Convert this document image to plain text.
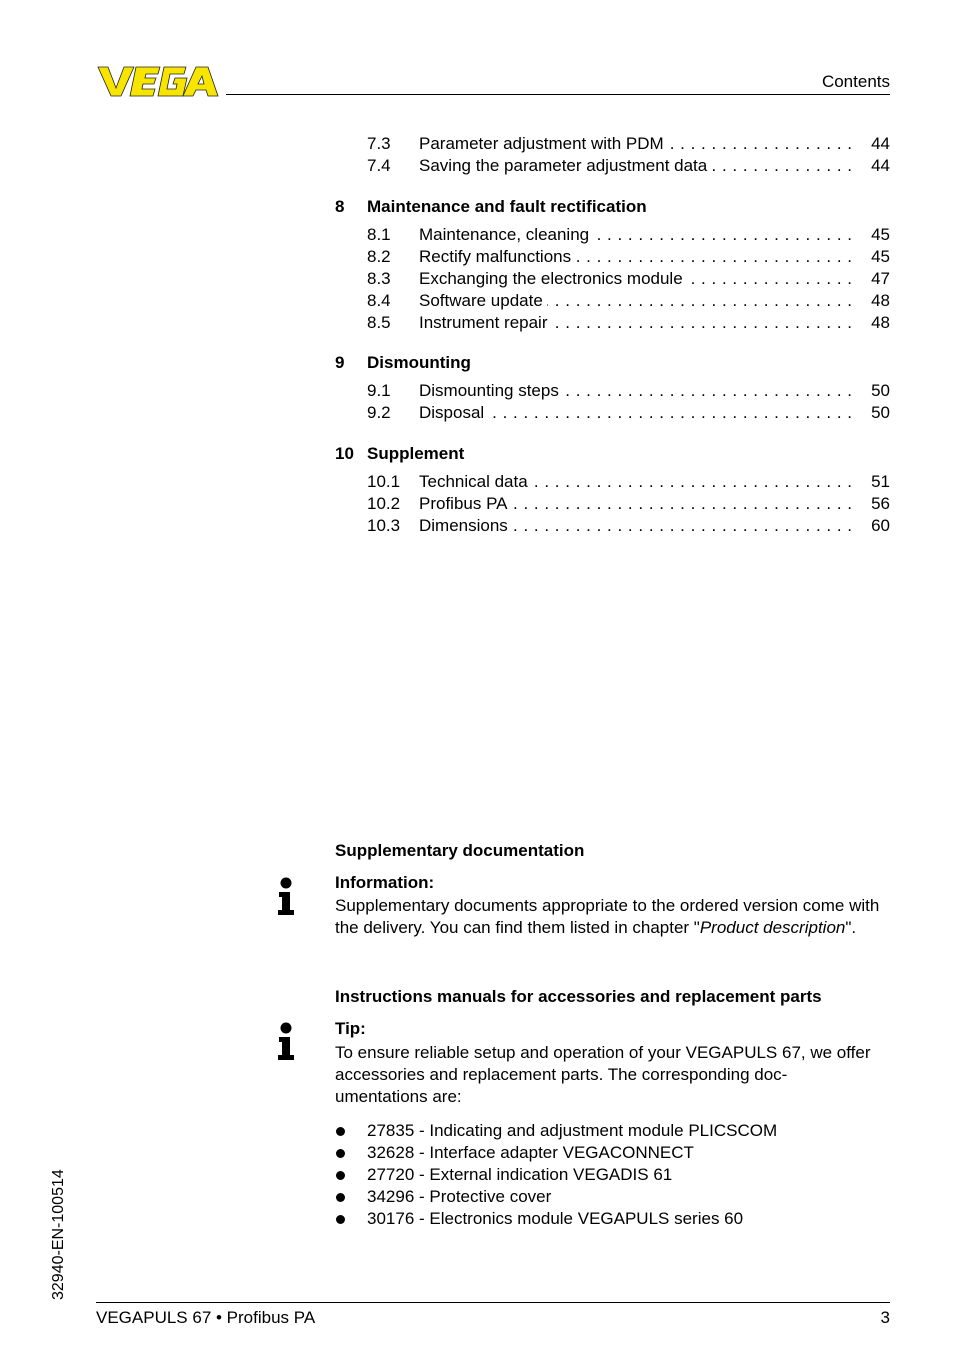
Contents
7.3 Parameter adjustment with PDM . . .	44
7.4 Saving the parameter adjustment data . . .	44
8 Maintenance and fault rectification
8.1 Maintenance, cleaning . . .	45
8.2 Rectify malfunctions . . .	45
8.3 Exchanging the electronics module . . .	47
8.4 Software update . . .	48
8.5 Instrument repair . . .	48
9 Dismounting
9.1 Dismounting steps . . .	50
9.2 Disposal . . .	50
10 Supplement
10.1 Technical data . . .	51
10.2 Profibus PA . . .	56
10.3 Dimensions . . .	60
Supplementary documentation
Information:
Supplementary documents appropriate to the ordered version come with the delivery. You can find them listed in chapter "Product description".
Instructions manuals for accessories and replacement parts
Tip:
To ensure reliable setup and operation of your VEGAPULS 67, we offer accessories and replacement parts. The corresponding doc-umentations are:
27835 - Indicating and adjustment module PLICSCOM
32628 - Interface adapter VEGACONNECT
27720 - External indication VEGADIS 61
34296 - Protective cover
30176 - Electronics module VEGAPULS series 60
32940-EN-100514
VEGAPULS 67 • Profibus PA	3
